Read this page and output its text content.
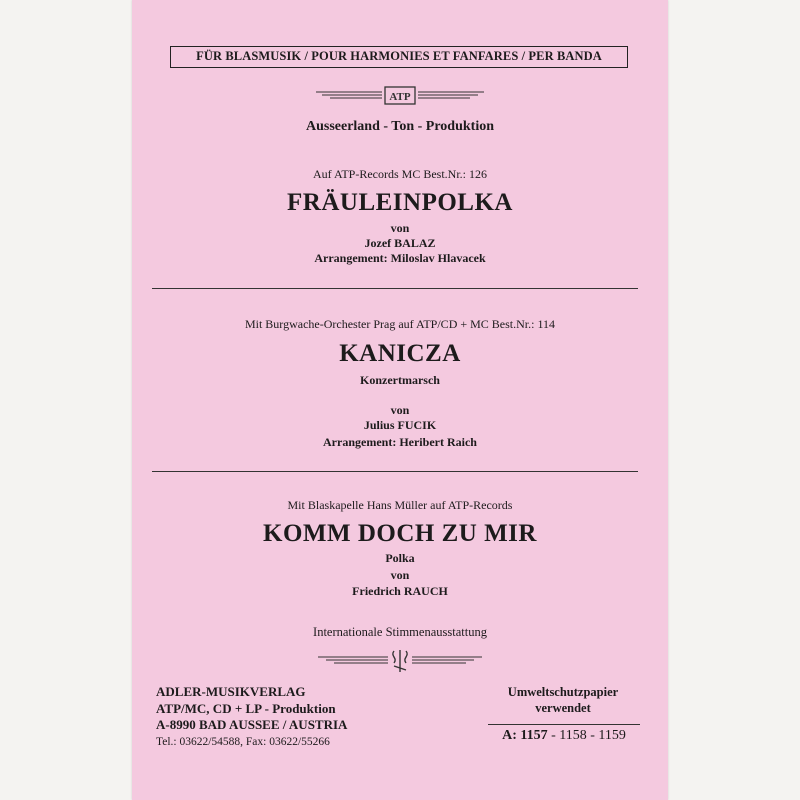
FÜR BLASMUSIK / POUR HARMONIES ET FANFARES / PER BANDA
ATP
Ausseerland - Ton - Produktion
Auf ATP-Records MC Best.Nr.: 126
FRÄULEINPOLKA
von
Jozef BALAZ
Arrangement: Miloslav Hlavacek
Mit Burgwache-Orchester Prag auf ATP/CD + MC Best.Nr.: 114
KANICZA
Konzertmarsch
von
Julius FUCIK
Arrangement: Heribert Raich
Mit Blaskapelle Hans Müller auf ATP-Records
KOMM DOCH ZU MIR
Polka
von
Friedrich RAUCH
Internationale Stimmenausstattung
ADLER-MUSIKVERLAG
ATP/MC, CD + LP - Produktion
A-8990 BAD AUSSEE / AUSTRIA
Tel.: 03622/54588, Fax: 03622/55266
Umweltschutzpapier
verwendet
A: 1157 - 1158 - 1159
